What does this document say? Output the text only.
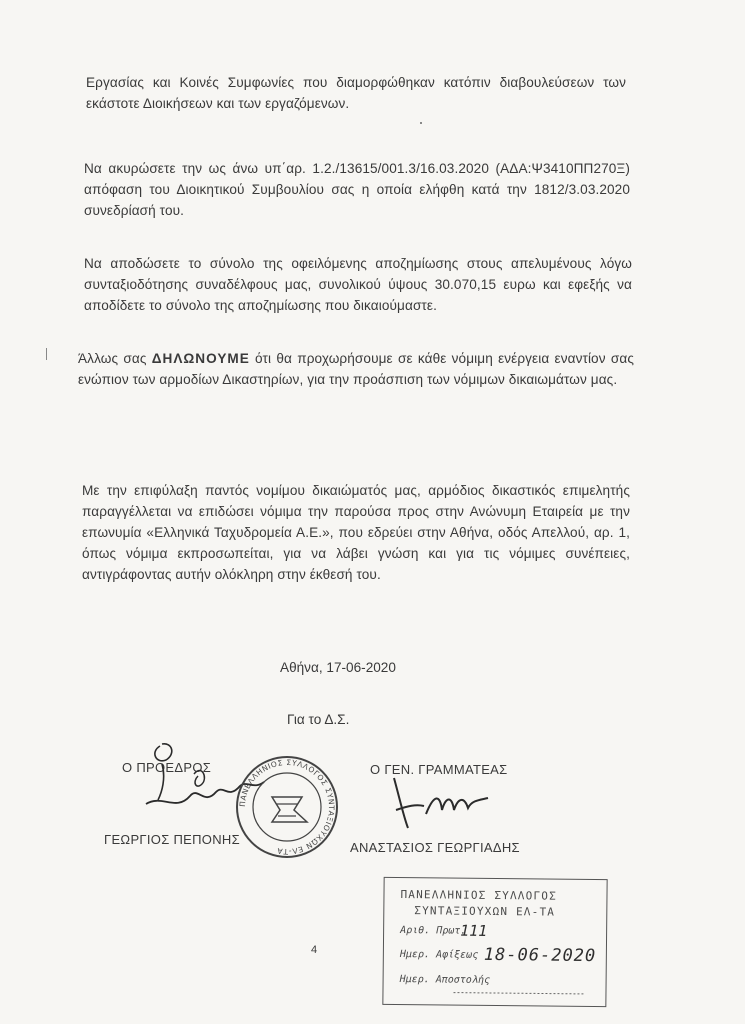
Εργασίας και Κοινές Συμφωνίες που διαμορφώθηκαν κατόπιν διαβουλεύσεων των εκάστοτε Διοικήσεων και των εργαζόμενων.
Να ακυρώσετε την ως άνω υπ΄αρ. 1.2./13615/001.3/16.03.2020 (ΑΔΑ:Ψ3410ΠΠ270Ξ) απόφαση του Διοικητικού Συμβουλίου σας η οποία ελήφθη κατά την 1812/3.03.2020 συνεδρίασή του.
Να αποδώσετε το σύνολο της οφειλόμενης αποζημίωσης στους απελυμένους λόγω συνταξιοδότησης συναδέλφους μας, συνολικού ύψους 30.070,15 ευρω και εφεξής να αποδίδετε το σύνολο της αποζημίωσης που δικαιούμαστε.
Άλλως σας ΔΗΛΩΝΟΥΜΕ ότι θα προχωρήσουμε σε κάθε νόμιμη ενέργεια εναντίον σας ενώπιον των αρμοδίων Δικαστηρίων, για την προάσπιση των νόμιμων δικαιωμάτων μας.
Με την επιφύλαξη παντός νομίμου δικαιώματός μας, αρμόδιος δικαστικός επιμελητής παραγγέλλεται να επιδώσει νόμιμα την παρούσα προς στην Ανώνυμη Εταιρεία με την επωνυμία «Ελληνικά Ταχυδρομεία Α.Ε.», που εδρεύει στην Αθήνα, οδός Απελλού, αρ. 1, όπως νόμιμα εκπροσωπείται, για να λάβει γνώση και για τις νόμιμες συνέπειες, αντιγράφοντας αυτήν ολόκληρη στην έκθεσή του.
Αθήνα, 17-06-2020
Για το Δ.Σ.
Ο ΠΡΟΕΔΡΟΣ	Ο ΓΕΝ. ΓΡΑΜΜΑΤΕΑΣ
ΓΕΩΡΓΙΟΣ ΠΕΠΟΝΗΣ
ΑΝΑΣΤΑΣΙΟΣ ΓΕΩΡΓΙΑΔΗΣ
ΠΑΝΕΛΛΗΝΙΟΣ ΣΥΛΛΟΓΟΣ ΣΥΝΤΑΞΙΟΥΧΩΝ ΕΛ-ΤΑ
ΠΑΝΕΛΛΗΝΙΟΣ ΣΥΛΛΟΓΟΣ
ΣΥΝΤΑΞΙΟΥΧΩΝ ΕΛ-ΤΑ
Αριθ. Πρωτ.
Ημερ. Αφίξεως
Ημερ. Αποστολής
111
18-06-2020
4
